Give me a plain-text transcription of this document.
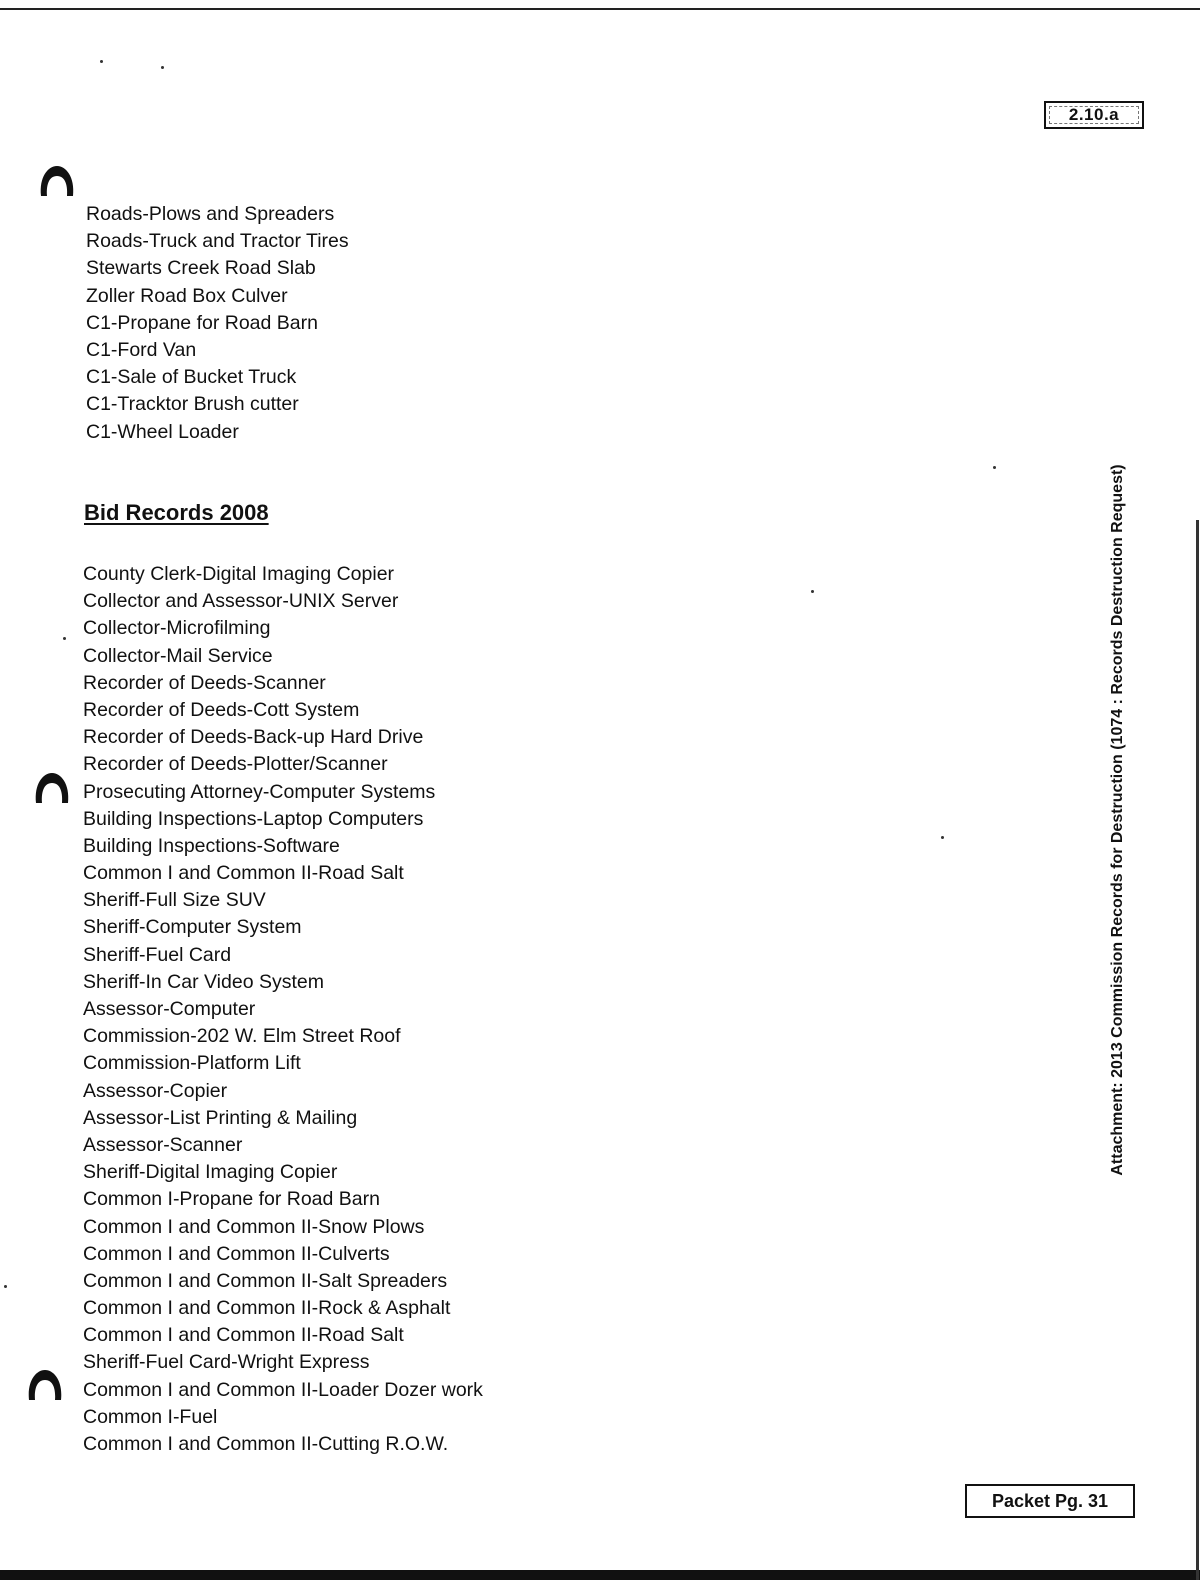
2.10.a
Roads-Plows and Spreaders
Roads-Truck and Tractor Tires
Stewarts Creek Road Slab
Zoller Road Box Culver
C1-Propane for Road Barn
C1-Ford Van
C1-Sale of Bucket Truck
C1-Tracktor Brush cutter
C1-Wheel Loader
Bid Records 2008
County Clerk-Digital Imaging Copier
Collector and Assessor-UNIX Server
Collector-Microfilming
Collector-Mail Service
Recorder of Deeds-Scanner
Recorder of Deeds-Cott System
Recorder of Deeds-Back-up Hard Drive
Recorder of Deeds-Plotter/Scanner
Prosecuting Attorney-Computer Systems
Building Inspections-Laptop Computers
Building Inspections-Software
Common I and Common II-Road Salt
Sheriff-Full Size SUV
Sheriff-Computer System
Sheriff-Fuel Card
Sheriff-In Car Video System
Assessor-Computer
Commission-202 W. Elm Street Roof
Commission-Platform Lift
Assessor-Copier
Assessor-List Printing & Mailing
Assessor-Scanner
Sheriff-Digital Imaging Copier
Common I-Propane for Road Barn
Common I and Common II-Snow Plows
Common I and Common II-Culverts
Common I and Common II-Salt Spreaders
Common I and Common II-Rock & Asphalt
Common I and Common II-Road Salt
Sheriff-Fuel Card-Wright Express
Common I and Common II-Loader Dozer work
Common I-Fuel
Common I and Common II-Cutting R.O.W.
Attachment: 2013 Commission Records for Destruction (1074 : Records Destruction Request)
Packet Pg. 31
